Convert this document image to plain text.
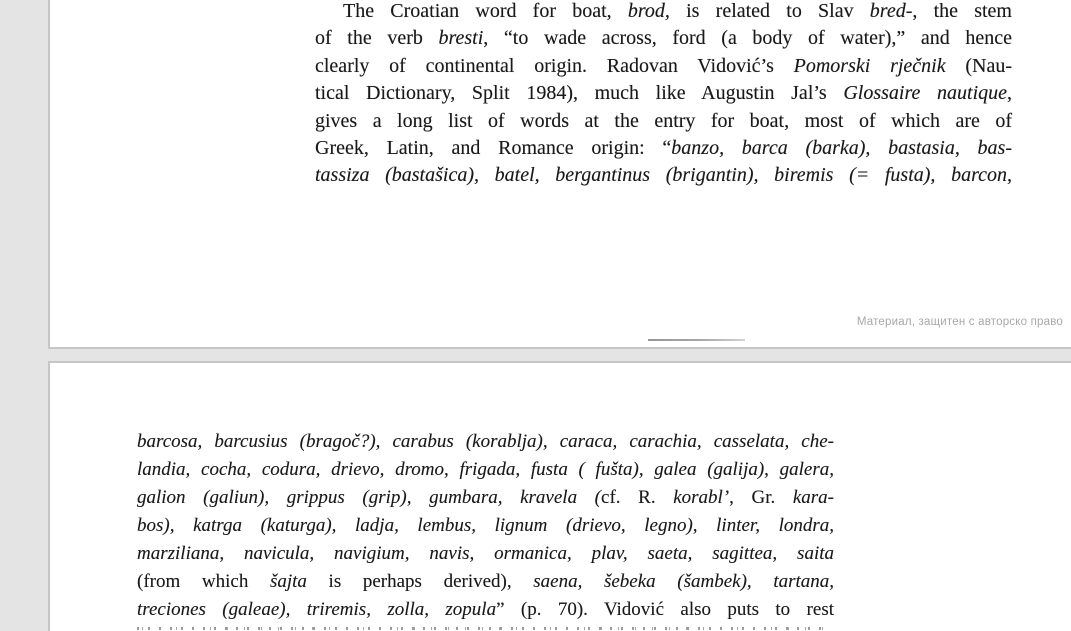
The Croatian word for boat, brod, is related to Slav bred-, the stem
of the verb bresti, “to wade across, ford (a body of water),” and hence
clearly of continental origin. Radovan Vidović’s Pomorski rječnik (Nau-
tical Dictionary, Split 1984), much like Augustin Jal’s Glossaire nautique,
gives a long list of words at the entry for boat, most of which are of
Greek, Latin, and Romance origin: “banzo, barca (barka), bastasia, bas-
tassiza (bastašica), batel, bergantinus (brigantin), biremis (= fusta), barcon,
Материал, защитен с авторско право
barcosa, barcusius (bragoč?), carabus (korablja), caraca, carachia, casselata, che-
landia, cocha, codura, drievo, dromo, frigada, fusta ( fušta), galea (galija), galera,
galion (galiun), grippus (grip), gumbara, kravela (cf. R. korabl’, Gr. kara-
bos), katrga (katurga), ladja, lembus, lignum (drievo, legno), linter, londra,
marziliana, navicula, navigium, navis, ormanica, plav, saeta, sagittea, saita
(from which šajta is perhaps derived), saena, šebeka (šambek), tartana,
treciones (galeae), triremis, zolla, zopula” (p. 70). Vidović also puts to rest
